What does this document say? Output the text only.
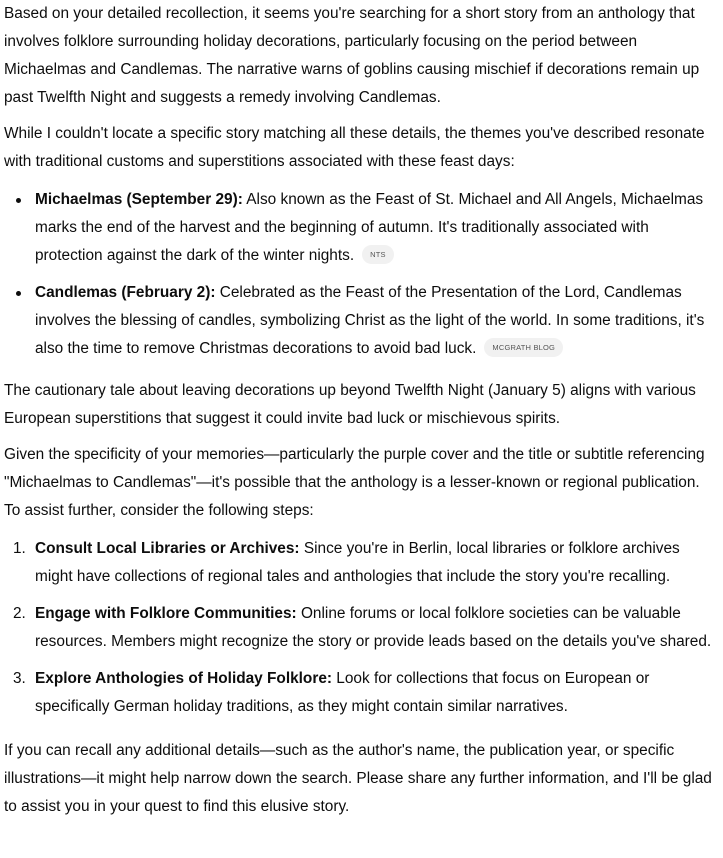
Based on your detailed recollection, it seems you're searching for a short story from an anthology that involves folklore surrounding holiday decorations, particularly focusing on the period between Michaelmas and Candlemas. The narrative warns of goblins causing mischief if decorations remain up past Twelfth Night and suggests a remedy involving Candlemas.

While I couldn't locate a specific story matching all these details, the themes you've described resonate with traditional customs and superstitions associated with these feast days:

Michaelmas (September 29): Also known as the Feast of St. Michael and All Angels, Michaelmas marks the end of the harvest and the beginning of autumn. It's traditionally associated with protection against the dark of the winter nights. NTS
Candlemas (February 2): Celebrated as the Feast of the Presentation of the Lord, Candlemas involves the blessing of candles, symbolizing Christ as the light of the world. In some traditions, it's also the time to remove Christmas decorations to avoid bad luck. MCGRATH BLOG

The cautionary tale about leaving decorations up beyond Twelfth Night (January 5) aligns with various European superstitions that suggest it could invite bad luck or mischievous spirits.

Given the specificity of your memories—particularly the purple cover and the title or subtitle referencing "Michaelmas to Candlemas"—it's possible that the anthology is a lesser-known or regional publication. To assist further, consider the following steps:

1. Consult Local Libraries or Archives: Since you're in Berlin, local libraries or folklore archives might have collections of regional tales and anthologies that include the story you're recalling.
2. Engage with Folklore Communities: Online forums or local folklore societies can be valuable resources. Members might recognize the story or provide leads based on the details you've shared.
3. Explore Anthologies of Holiday Folklore: Look for collections that focus on European or specifically German holiday traditions, as they might contain similar narratives.

If you can recall any additional details—such as the author's name, the publication year, or specific illustrations—it might help narrow down the search. Please share any further information, and I'll be glad to assist you in your quest to find this elusive story.
